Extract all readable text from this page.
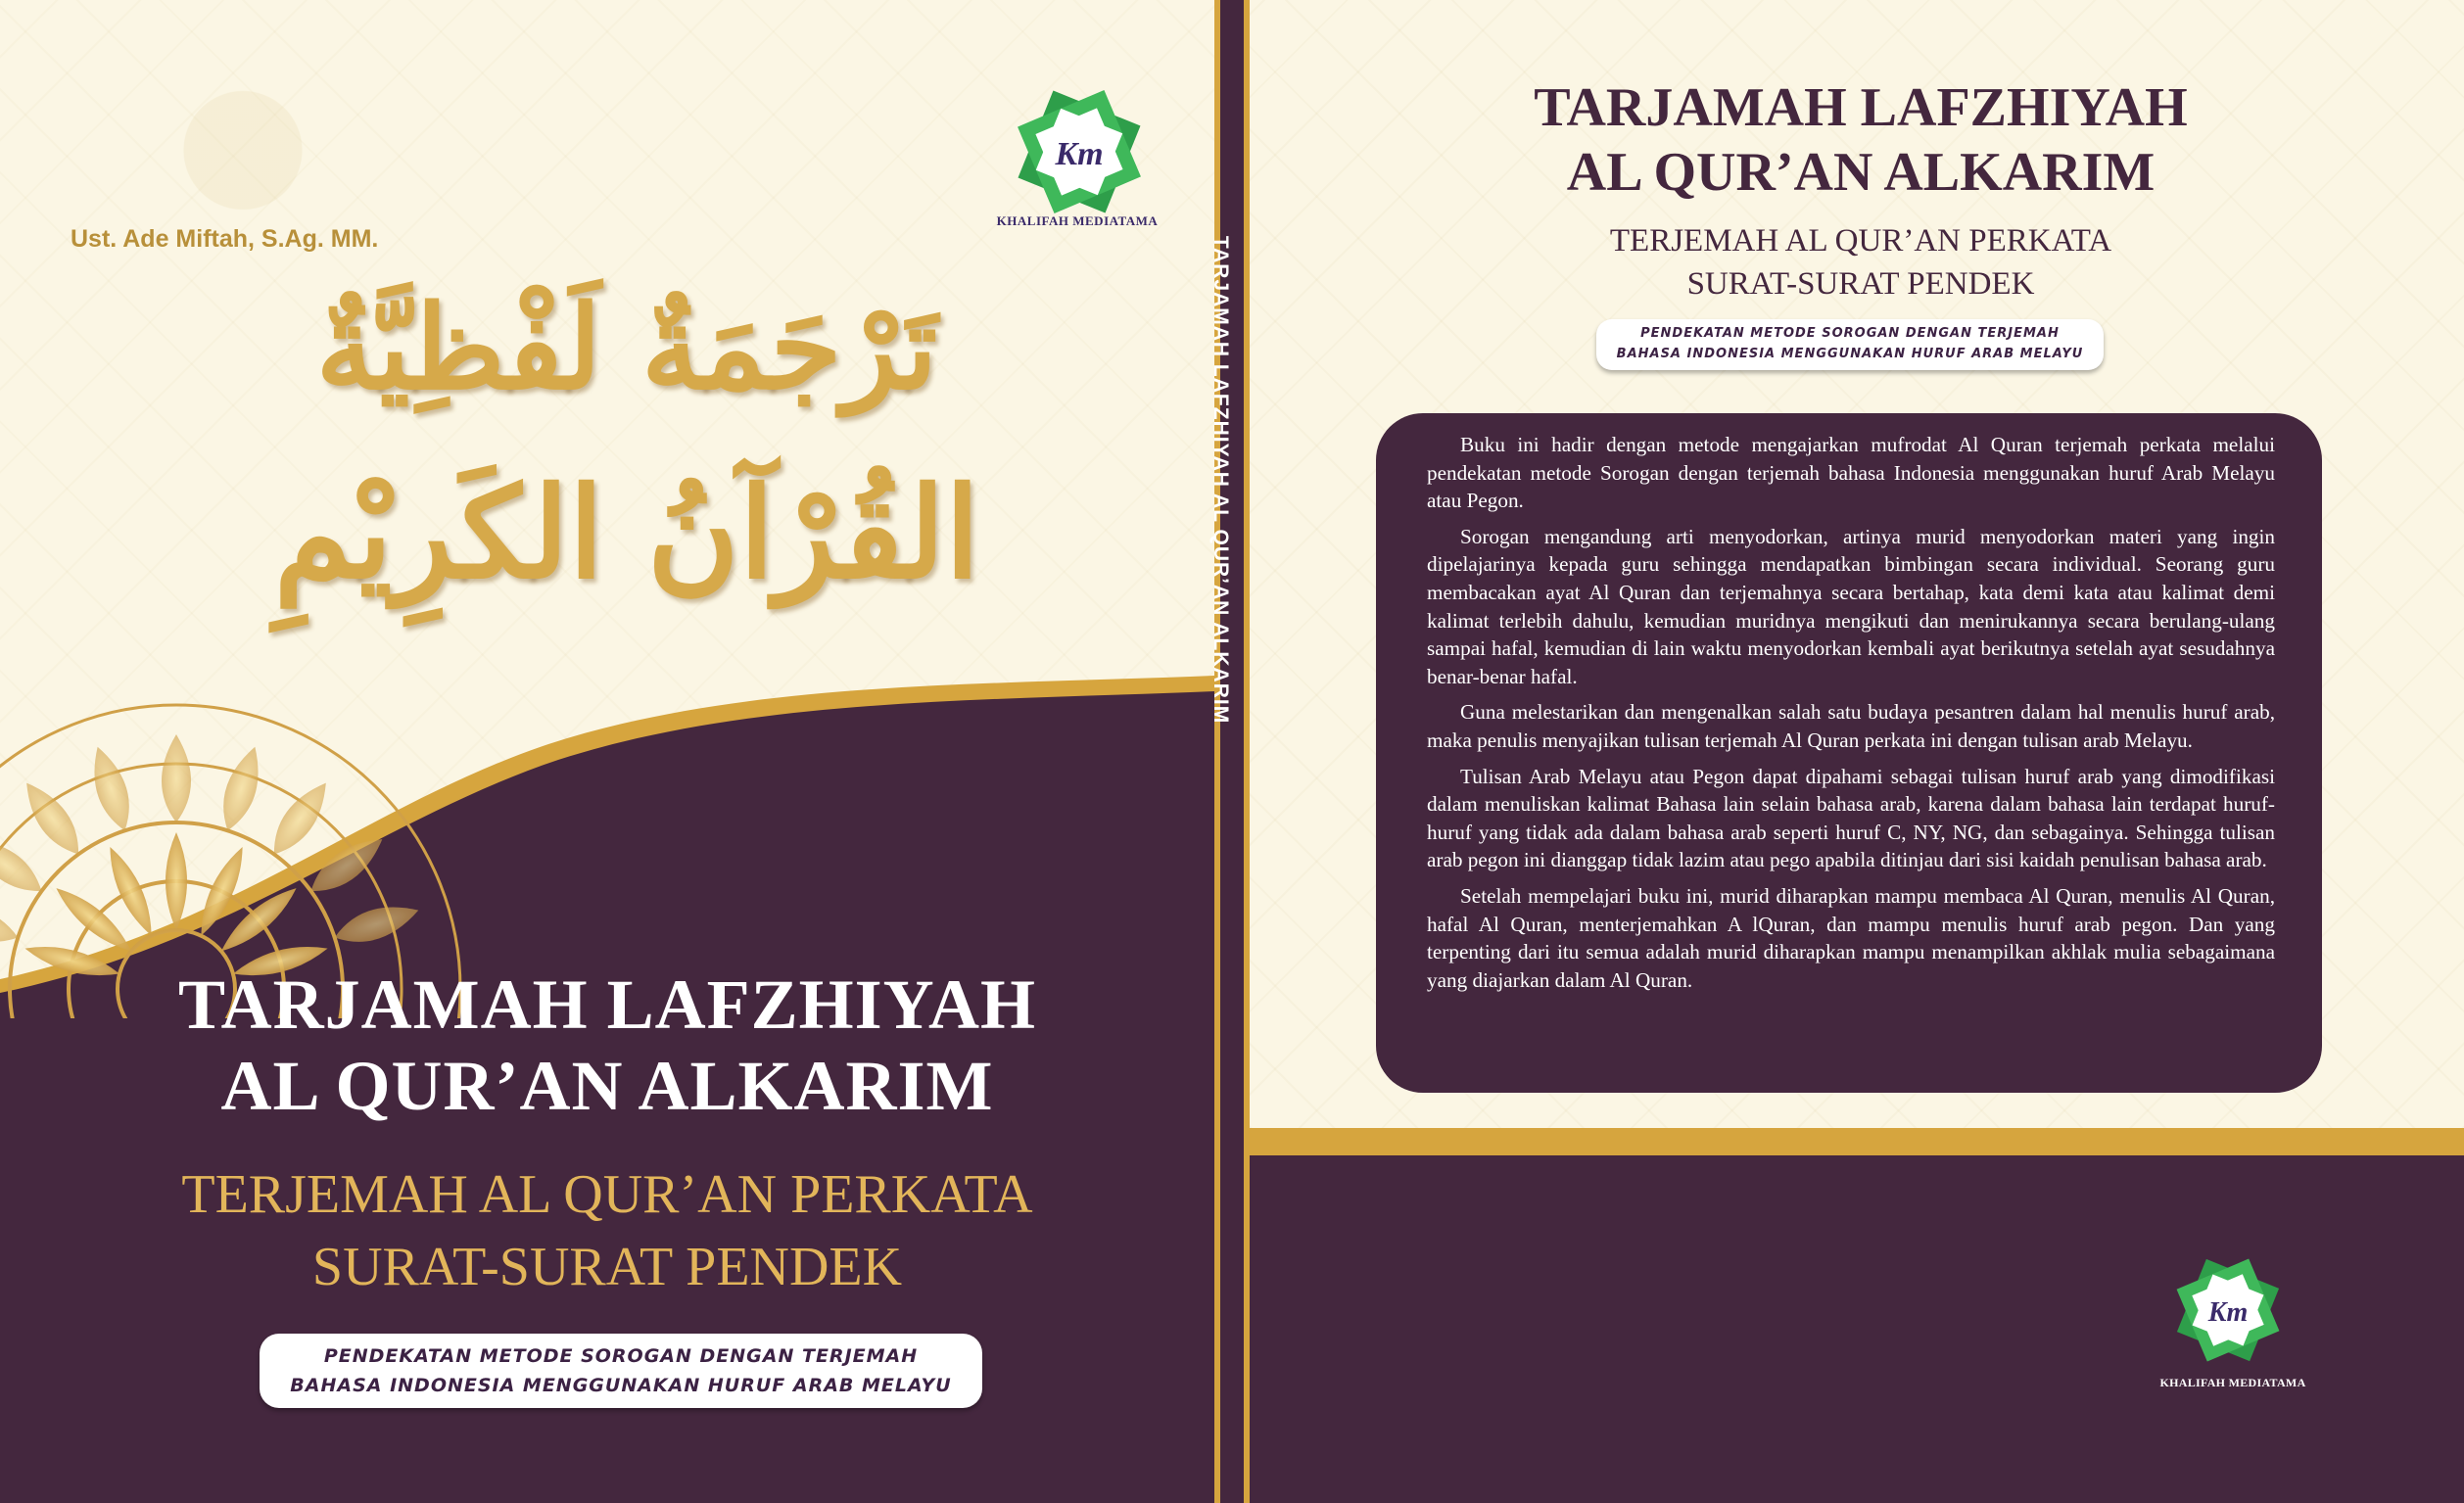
Ust. Ade Miftah, S.Ag. MM.
Km
KHALIFAH MEDIATAMA
تَرْجَمَةٌ لَفْظِيَّةٌ
القُرْآنُ الكَرِيْمِ
TARJAMAH LAFZHIYAH
AL QUR’AN ALKARIM
TERJEMAH AL QUR’AN PERKATA
SURAT-SURAT PENDEK
PENDEKATAN METODE SOROGAN DENGAN TERJEMAH
BAHASA INDONESIA MENGGUNAKAN HURUF ARAB MELAYU
TARJAMAH LAFZHIYAH AL QUR’AN ALKARIM
TARJAMAH LAFZHIYAH
AL QUR’AN ALKARIM
TERJEMAH AL QUR’AN PERKATA
SURAT-SURAT PENDEK
PENDEKATAN METODE SOROGAN DENGAN TERJEMAH
BAHASA INDONESIA MENGGUNAKAN HURUF ARAB MELAYU

Buku ini hadir dengan metode mengajarkan mufrodat Al Quran terjemah perkata melalui pendekatan metode Sorogan dengan terjemah bahasa Indonesia menggunakan huruf Arab Melayu atau Pegon.

Sorogan mengandung arti menyodorkan, artinya murid menyodorkan materi yang ingin dipelajarinya kepada guru sehingga mendapatkan bimbingan secara individual. Seorang guru membacakan ayat Al Quran dan terjemahnya secara bertahap, kata demi kata atau kalimat demi kalimat terlebih dahulu, kemudian muridnya mengikuti dan menirukannya secara berulang-ulang sampai hafal, kemudian di lain waktu menyodorkan kembali ayat berikutnya setelah ayat sesudahnya benar-benar hafal.

Guna melestarikan dan mengenalkan salah satu budaya pesantren dalam hal menulis huruf arab, maka penulis menyajikan tulisan terjemah Al Quran perkata ini dengan tulisan arab Melayu.

Tulisan Arab Melayu atau Pegon dapat dipahami sebagai tulisan huruf arab yang dimodifikasi dalam menuliskan kalimat Bahasa lain selain bahasa arab, karena dalam bahasa lain terdapat huruf-huruf yang tidak ada dalam bahasa arab seperti huruf C, NY, NG, dan sebagainya. Sehingga tulisan arab pegon ini dianggap tidak lazim atau pego apabila ditinjau dari sisi kaidah penulisan bahasa arab.

Setelah mempelajari buku ini, murid diharapkan mampu membaca Al Quran, menulis Al Quran, hafal Al Quran, menterjemahkan A lQuran, dan mampu menulis huruf arab pegon. Dan yang terpenting dari itu semua adalah murid diharapkan mampu menampilkan akhlak mulia sebagaimana yang diajarkan dalam Al Quran.

Km
KHALIFAH MEDIATAMA
